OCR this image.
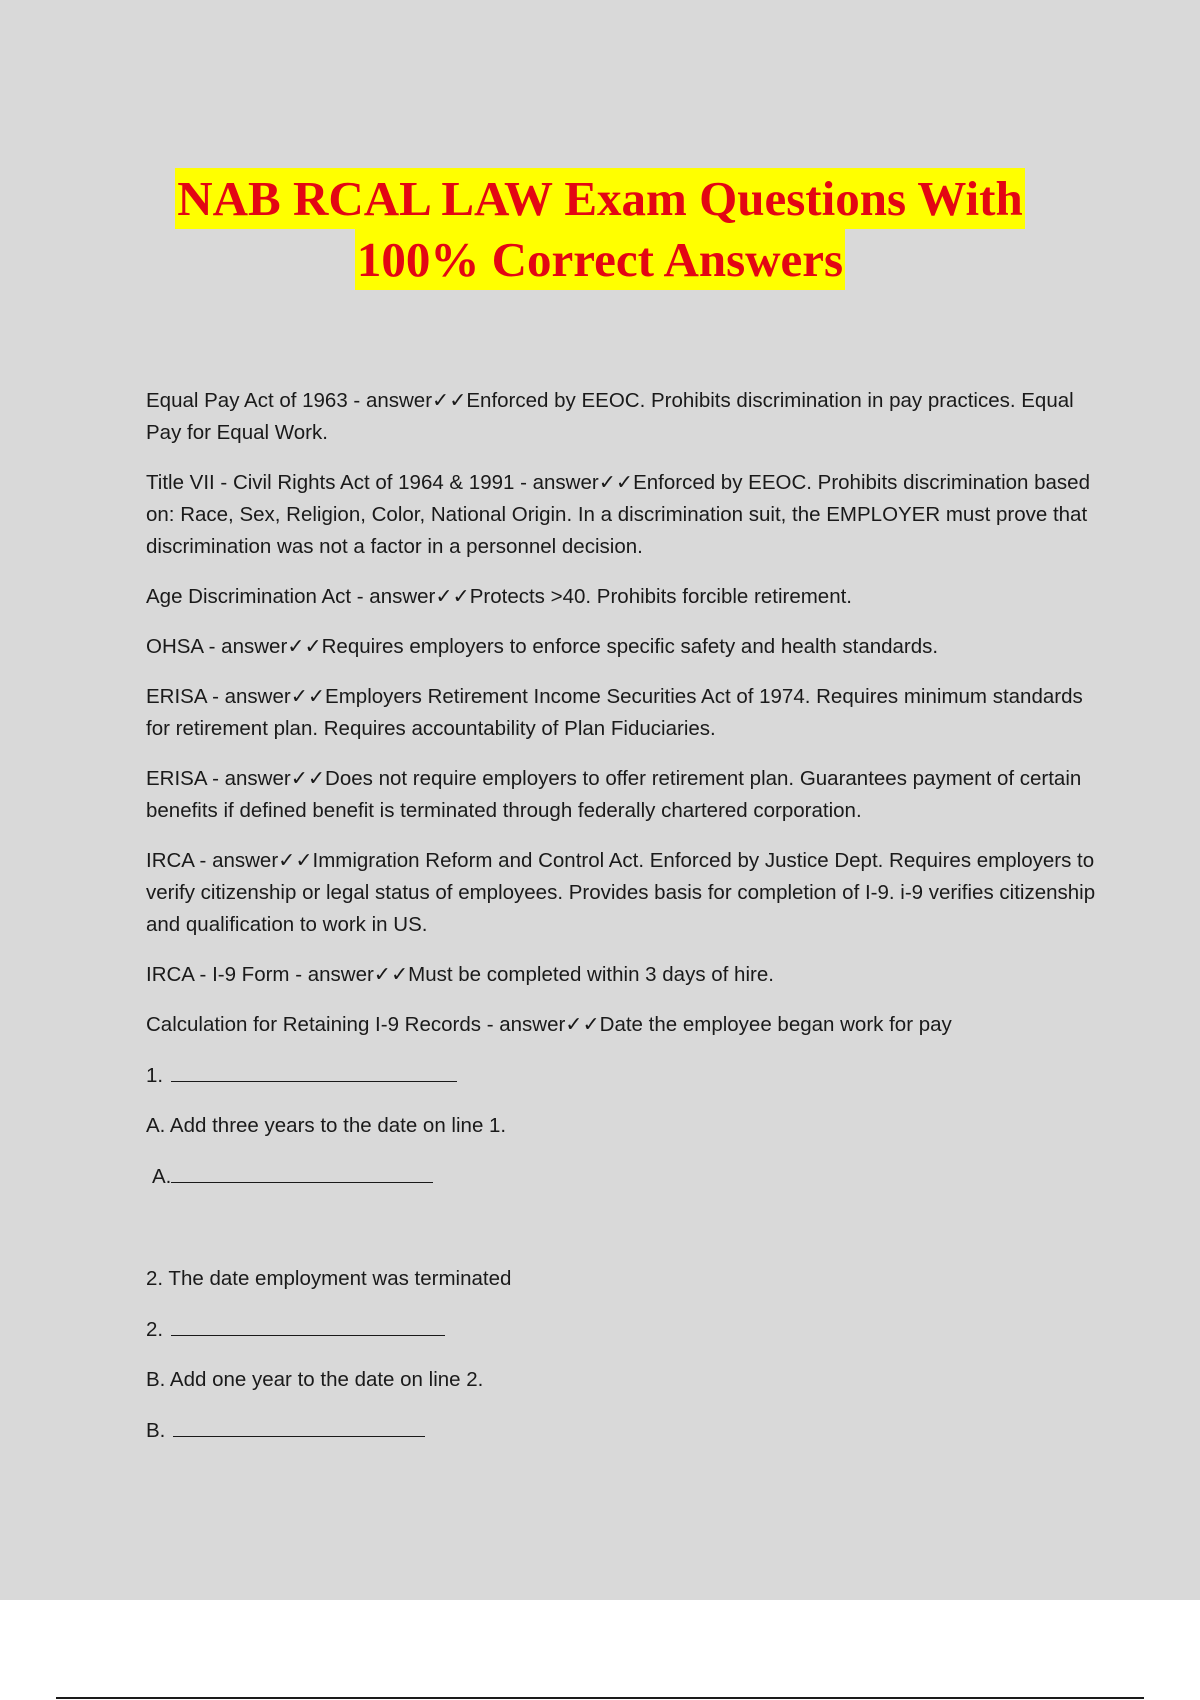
NAB RCAL LAW Exam Questions With
100% Correct Answers

Equal Pay Act of 1963 - answer✓✓Enforced by EEOC. Prohibits discrimination in pay practices. Equal Pay for Equal Work.

Title VII - Civil Rights Act of 1964 & 1991 - answer✓✓Enforced by EEOC. Prohibits discrimination based on: Race, Sex, Religion, Color, National Origin. In a discrimination suit, the EMPLOYER must prove that discrimination was not a factor in a personnel decision.

Age Discrimination Act - answer✓✓Protects >40. Prohibits forcible retirement.

OHSA - answer✓✓Requires employers to enforce specific safety and health standards.

ERISA - answer✓✓Employers Retirement Income Securities Act of 1974. Requires minimum standards for retirement plan. Requires accountability of Plan Fiduciaries.

ERISA - answer✓✓Does not require employers to offer retirement plan. Guarantees payment of certain benefits if defined benefit is terminated through federally chartered corporation.

IRCA - answer✓✓Immigration Reform and Control Act. Enforced by Justice Dept. Requires employers to verify citizenship or legal status of employees. Provides basis for completion of I-9. i-9 verifies citizenship and qualification to work in US.

IRCA - I-9 Form - answer✓✓Must be completed within 3 days of hire.

Calculation for Retaining I-9 Records - answer✓✓Date the employee began work for pay

1.

A. Add three years to the date on line 1.

A.

2. The date employment was terminated

2.

B. Add one year to the date on line 2.

B.
